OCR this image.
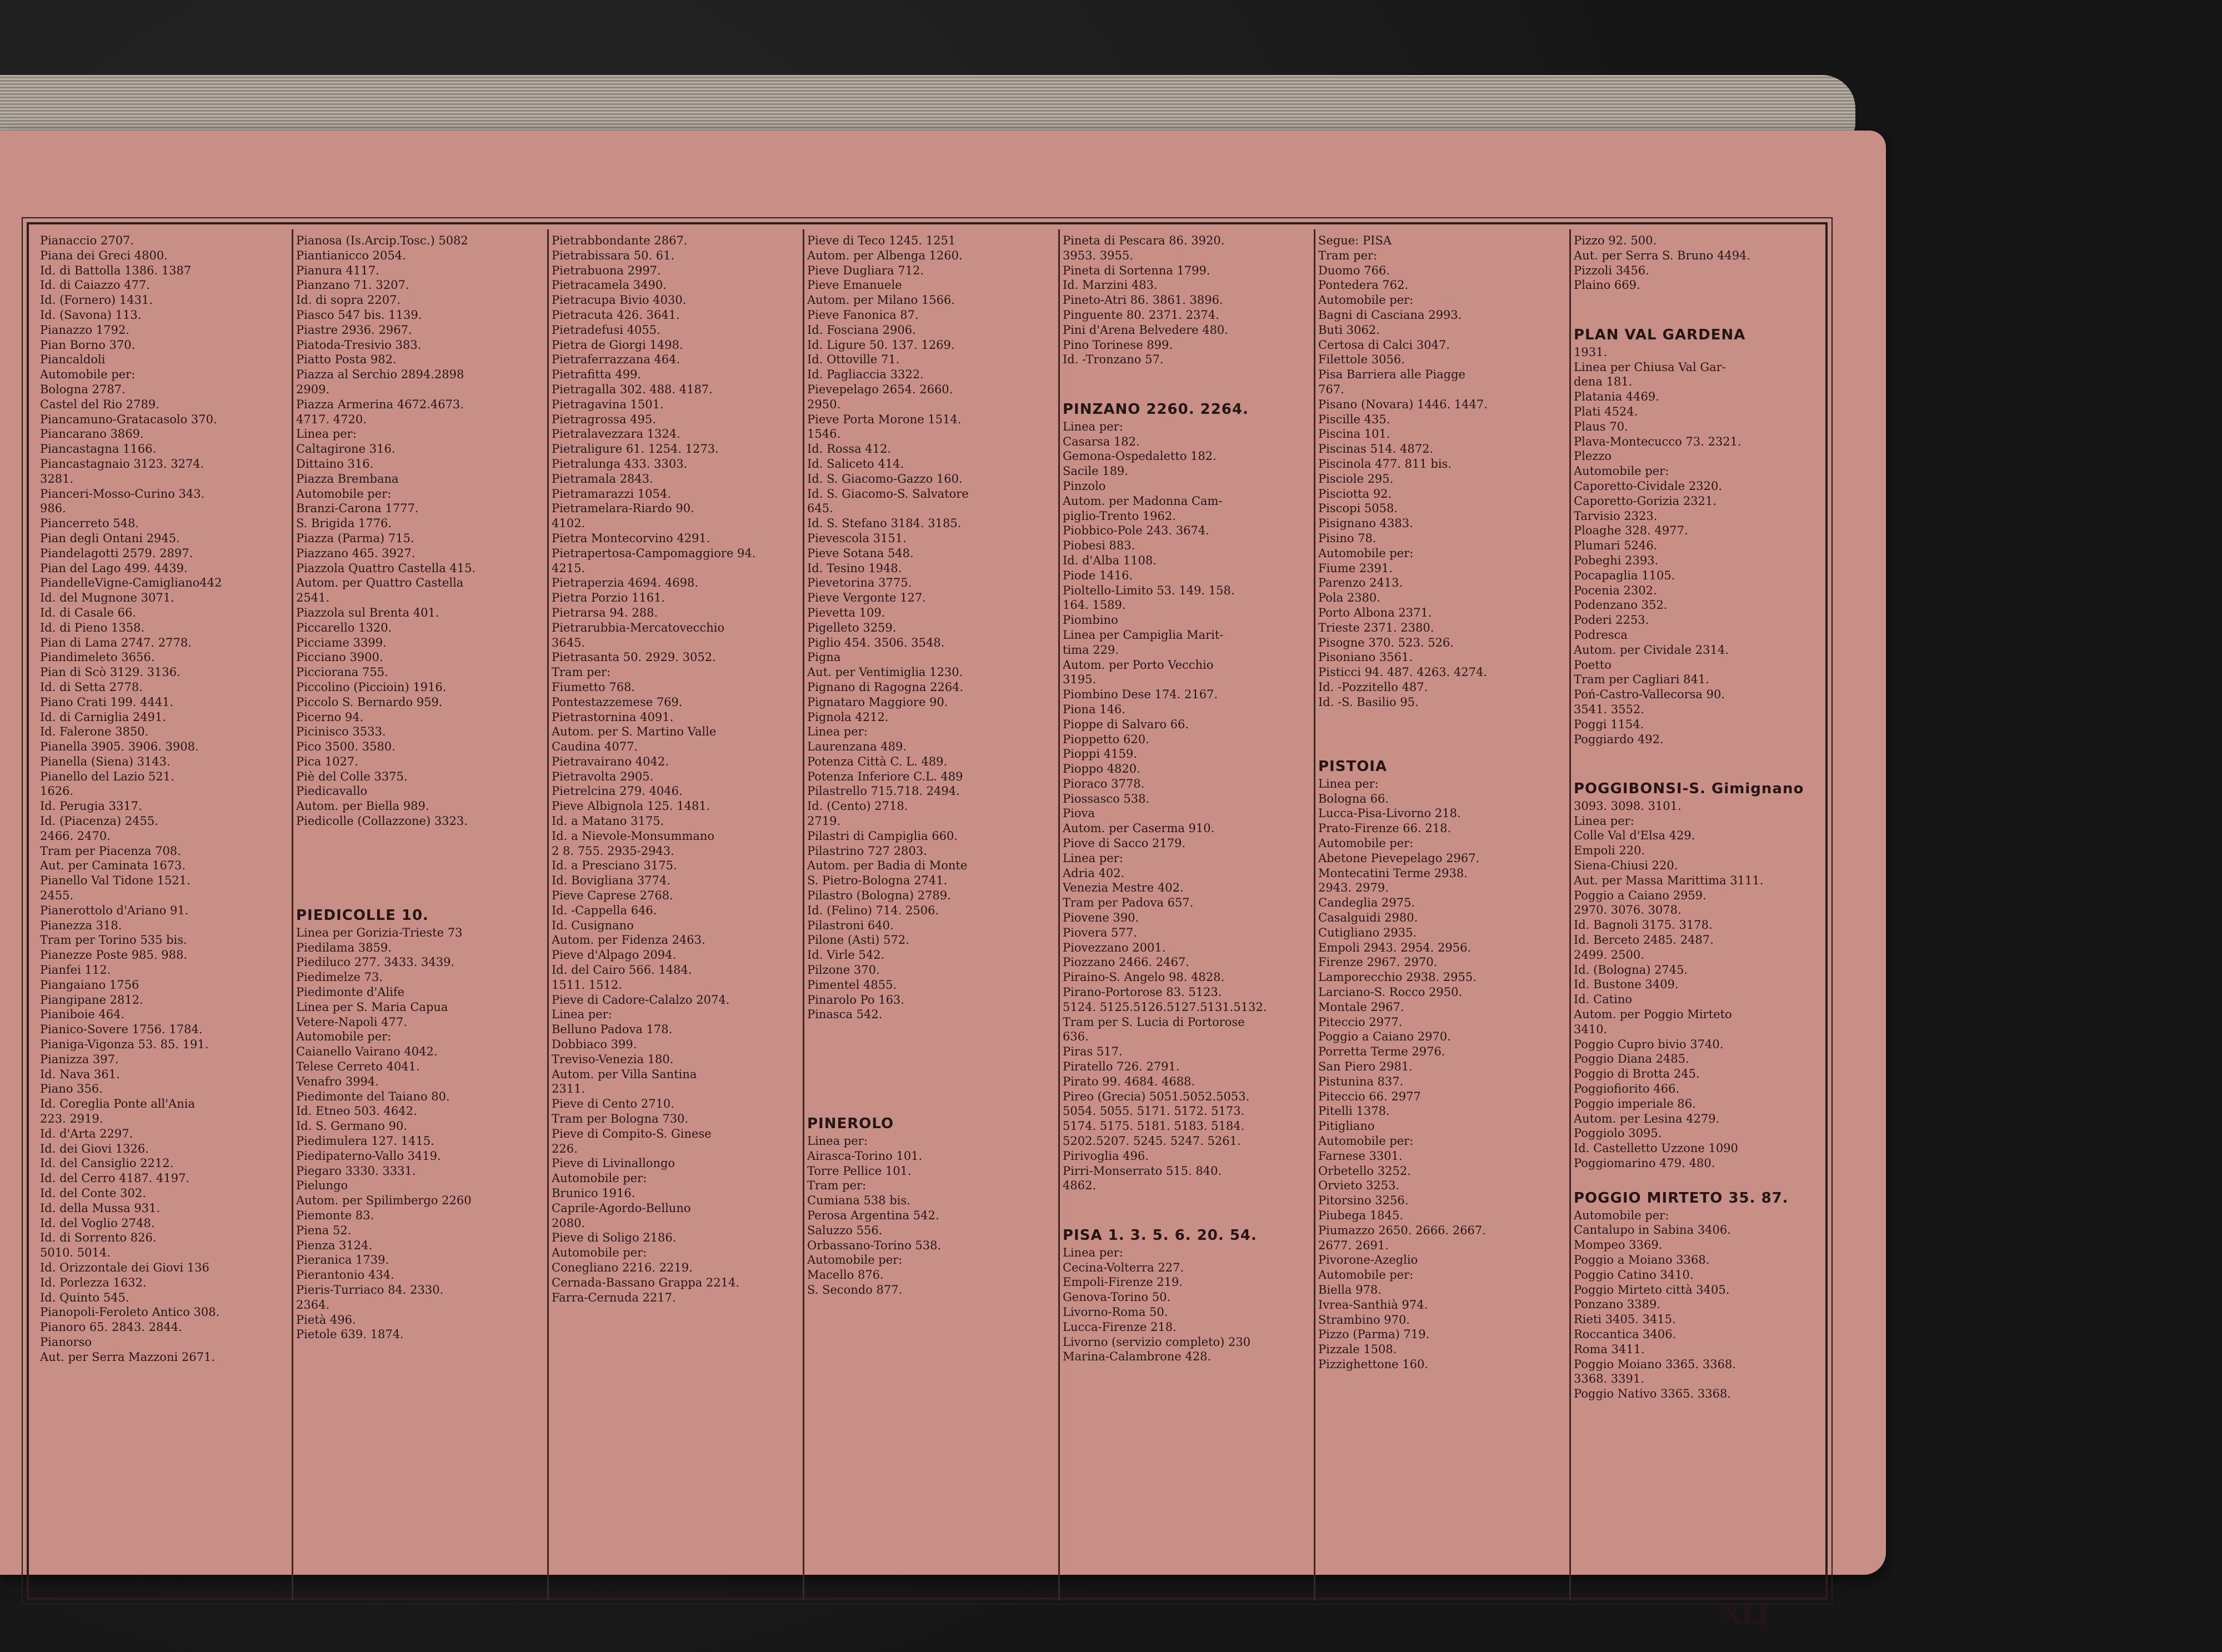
Pianaccio 2707.
Piana dei Greci 4800.
Id. di Battolla 1386. 1387
Id. di Caiazzo 477.
Id. (Fornero) 1431.
Id. (Savona) 113.
Pianazzo 1792.
Pian Borno 370.
Piancaldoli
Automobile per:
Bologna 2787.
Castel del Rio 2789.
Piancamuno-Gratacasolo 370.
Piancarano 3869.
Piancastagna 1166.
Piancastagnaio 3123. 3274.
3281.
Pianceri-Mosso-Curino 343.
986.
Piancerreto 548.
Pian degli Ontani 2945.
Piandelagotti 2579. 2897.
Pian del Lago 499. 4439.
PiandelleVigne-Camigliano442
Id. del Mugnone 3071.
Id. di Casale 66.
Id. di Pieno 1358.
Pian di Lama 2747. 2778.
Piandimeleto 3656.
Pian di Scò 3129. 3136.
Id. di Setta 2778.
Piano Crati 199. 4441.
Id. di Carniglia 2491.
Id. Falerone 3850.
Pianella 3905. 3906. 3908.
Pianella (Siena) 3143.
Pianello del Lazio 521.
1626.
Id. Perugia 3317.
Id. (Piacenza) 2455.
2466. 2470.
Tram per Piacenza 708.
Aut. per Caminata 1673.
Pianello Val Tidone 1521.
2455.
Pianerottolo d'Ariano 91.
Pianezza 318.
Tram per Torino 535 bis.
Pianezze Poste 985. 988.
Pianfei 112.
Piangaiano 1756
Piangipane 2812.
Pianiboie 464.
Pianico-Sovere 1756. 1784.
Pianiga-Vigonza 53. 85. 191.
Pianizza 397.
Id. Nava 361.
Piano 356.
Id. Coreglia Ponte all'Ania
223. 2919.
Id. d'Arta 2297.
Id. dei Giovi 1326.
Id. del Cansiglio 2212.
Id. del Cerro 4187. 4197.
Id. del Conte 302.
Id. della Mussa 931.
Id. del Voglio 2748.
Id. di Sorrento 826.
5010. 5014.
Id. Orizzontale dei Giovi 136
Id. Porlezza 1632.
Id. Quinto 545.
Pianopoli-Feroleto Antico 308.
Pianoro 65. 2843. 2844.
Pianorso
Aut. per Serra Mazzoni 2671.
Pianosa (Is.Arcip.Tosc.) 5082
Piantianicco 2054.
Pianura 4117.
Pianzano 71. 3207.
Id. di sopra 2207.
Piasco 547 bis. 1139.
Piastre 2936. 2967.
Piatoda-Tresivio 383.
Piatto Posta 982.
Piazza al Serchio 2894.2898
2909.
Piazza Armerina 4672.4673.
4717. 4720.
Linea per:
Caltagirone 316.
Dittaino 316.
Piazza Brembana
Automobile per:
Branzi-Carona 1777.
S. Brigida 1776.
Piazza (Parma) 715.
Piazzano 465. 3927.
Piazzola Quattro Castella 415.
Autom. per Quattro Castella
2541.
Piazzola sul Brenta 401.
Piccarello 1320.
Picciame 3399.
Picciano 3900.
Picciorana 755.
Piccolino (Piccioin) 1916.
Piccolo S. Bernardo 959.
Picerno 94.
Picinisco 3533.
Pico 3500. 3580.
Pica 1027.
Piè del Colle 3375.
Piedicavallo
Autom. per Biella 989.
Piedicolle (Collazzone) 3323.
PIEDICOLLE 10.
Linea per Gorizia-Trieste 73
Piedilama 3859.
Piediluco 277. 3433. 3439.
Piedimelze 73.
Piedimonte d'Alife
Linea per S. Maria Capua
Vetere-Napoli 477.
Automobile per:
Caianello Vairano 4042.
Telese Cerreto 4041.
Venafro 3994.
Piedimonte del Taiano 80.
Id. Etneo 503. 4642.
Id. S. Germano 90.
Piedimulera 127. 1415.
Piedipaterno-Vallo 3419.
Piegaro 3330. 3331.
Pielungo
Autom. per Spilimbergo 2260
Piemonte 83.
Piena 52.
Pienza 3124.
Pieranica 1739.
Pierantonio 434.
Pieris-Turriaco 84. 2330.
2364.
Pietà 496.
Pietole 639. 1874.
Pietrabbondante 2867.
Pietrabissara 50. 61.
Pietrabuona 2997.
Pietracamela 3490.
Pietracupa Bivio 4030.
Pietracuta 426. 3641.
Pietradefusi 4055.
Pietra de Giorgi 1498.
Pietraferrazzana 464.
Pietrafitta 499.
Pietragalla 302. 488. 4187.
Pietragavina 1501.
Pietragrossa 495.
Pietralavezzara 1324.
Pietraligure 61. 1254. 1273.
Pietralunga 433. 3303.
Pietramala 2843.
Pietramarazzi 1054.
Pietramelara-Riardo 90.
4102.
Pietra Montecorvino 4291.
Pietrapertosa-Campomaggiore 94.
4215.
Pietraperzia 4694. 4698.
Pietra Porzio 1161.
Pietrarsa 94. 288.
Pietrarubbia-Mercatovecchio
3645.
Pietrasanta 50. 2929. 3052.
Tram per:
Fiumetto 768.
Pontestazzemese 769.
Pietrastornina 4091.
Autom. per S. Martino Valle
Caudina 4077.
Pietravairano 4042.
Pietravolta 2905.
Pietrelcina 279. 4046.
Pieve Albignola 125. 1481.
Id. a Matano 3175.
Id. a Nievole-Monsummano
2 8. 755. 2935-2943.
Id. a Presciano 3175.
Id. Bovigliana 3774.
Pieve Caprese 2768.
Id. -Cappella 646.
Id. Cusignano
Autom. per Fidenza 2463.
Pieve d'Alpago 2094.
Id. del Cairo 566. 1484.
1511. 1512.
Pieve di Cadore-Calalzo 2074.
Linea per:
Belluno Padova 178.
Dobbiaco 399.
Treviso-Venezia 180.
Autom. per Villa Santina
2311.
Pieve di Cento 2710.
Tram per Bologna 730.
Pieve di Compito-S. Ginese
226.
Pieve di Livinallongo
Automobile per:
Brunico 1916.
Caprile-Agordo-Belluno
2080.
Pieve di Soligo 2186.
Automobile per:
Conegliano 2216. 2219.
Cernada-Bassano Grappa 2214.
Farra-Cernuda 2217.
Pieve di Teco 1245. 1251
Autom. per Albenga 1260.
Pieve Dugliara 712.
Pieve Emanuele
Autom. per Milano 1566.
Pieve Fanonica 87.
Id. Fosciana 2906.
Id. Ligure 50. 137. 1269.
Id. Ottoville 71.
Id. Pagliaccia 3322.
Pievepelago 2654. 2660.
2950.
Pieve Porta Morone 1514.
1546.
Id. Rossa 412.
Id. Saliceto 414.
Id. S. Giacomo-Gazzo 160.
Id. S. Giacomo-S. Salvatore
645.
Id. S. Stefano 3184. 3185.
Pievescola 3151.
Pieve Sotana 548.
Id. Tesino 1948.
Pievetorina 3775.
Pieve Vergonte 127.
Pievetta 109.
Pigelleto 3259.
Piglio 454. 3506. 3548.
Pigna
Aut. per Ventimiglia 1230.
Pignano di Ragogna 2264.
Pignataro Maggiore 90.
Pignola 4212.
Linea per:
Laurenzana 489.
Potenza Città C. L. 489.
Potenza Inferiore C.L. 489
Pilastrello 715.718. 2494.
Id. (Cento) 2718.
2719.
Pilastri di Campiglia 660.
Pilastrino 727 2803.
Autom. per Badia di Monte
S. Pietro-Bologna 2741.
Pilastro (Bologna) 2789.
Id. (Felino) 714. 2506.
Pilastroni 640.
Pilone (Asti) 572.
Id. Virle 542.
Pilzone 370.
Pimentel 4855.
Pinarolo Po 163.
Pinasca 542.
PINEROLO
Linea per:
Airasca-Torino 101.
Torre Pellice 101.
Tram per:
Cumiana 538 bis.
Perosa Argentina 542.
Saluzzo 556.
Orbassano-Torino 538.
Automobile per:
Macello 876.
S. Secondo 877.
Pineta di Pescara 86. 3920.
3953. 3955.
Pineta di Sortenna 1799.
Id. Marzini 483.
Pineto-Atri 86. 3861. 3896.
Pinguente 80. 2371. 2374.
Pini d'Arena Belvedere 480.
Pino Torinese 899.
Id. -Tronzano 57.
PINZANO 2260. 2264.
Linea per:
Casarsa 182.
Gemona-Ospedaletto 182.
Sacile 189.
Pinzolo
Autom. per Madonna Cam-
piglio-Trento 1962.
Piobbico-Pole 243. 3674.
Piobesi 883.
Id. d'Alba 1108.
Piode 1416.
Pioltello-Limito 53. 149. 158.
164. 1589.
Piombino
Linea per Campiglia Marit-
tima 229.
Autom. per Porto Vecchio
3195.
Piombino Dese 174. 2167.
Piona 146.
Pioppe di Salvaro 66.
Pioppetto 620.
Pioppi 4159.
Pioppo 4820.
Pioraco 3778.
Piossasco 538.
Piova
Autom. per Caserma 910.
Piove di Sacco 2179.
Linea per:
Adria 402.
Venezia Mestre 402.
Tram per Padova 657.
Piovene 390.
Piovera 577.
Piovezzano 2001.
Piozzano 2466. 2467.
Piraino-S. Angelo 98. 4828.
Pirano-Portorose 83. 5123.
5124. 5125.5126.5127.5131.5132.
Tram per S. Lucia di Portorose
636.
Piras 517.
Piratello 726. 2791.
Pirato 99. 4684. 4688.
Pireo (Grecia) 5051.5052.5053.
5054. 5055. 5171. 5172. 5173.
5174. 5175. 5181. 5183. 5184.
5202.5207. 5245. 5247. 5261.
Pirivoglia 496.
Pirri-Monserrato 515. 840.
4862.
PISA 1. 3. 5. 6. 20. 54.
Linea per:
Cecina-Volterra 227.
Empoli-Firenze 219.
Genova-Torino 50.
Livorno-Roma 50.
Lucca-Firenze 218.
Livorno (servizio completo) 230
Marina-Calambrone 428.
Segue: PISA
Tram per:
Duomo 766.
Pontedera 762.
Automobile per:
Bagni di Casciana 2993.
Buti 3062.
Certosa di Calci 3047.
Filettole 3056.
Pisa Barriera alle Piagge
767.
Pisano (Novara) 1446. 1447.
Piscille 435.
Piscina 101.
Piscinas 514. 4872.
Piscinola 477. 811 bis.
Pisciole 295.
Pisciotta 92.
Piscopi 5058.
Pisignano 4383.
Pisino 78.
Automobile per:
Fiume 2391.
Parenzo 2413.
Pola 2380.
Porto Albona 2371.
Trieste 2371. 2380.
Pisogne 370. 523. 526.
Pisoniano 3561.
Pisticci 94. 487. 4263. 4274.
Id. -Pozzitello 487.
Id. -S. Basilio 95.
PISTOIA
Linea per:
Bologna 66.
Lucca-Pisa-Livorno 218.
Prato-Firenze 66. 218.
Automobile per:
Abetone Pievepelago 2967.
Montecatini Terme 2938.
2943. 2979.
Candeglia 2975.
Casalguidi 2980.
Cutigliano 2935.
Empoli 2943. 2954. 2956.
Firenze 2967. 2970.
Lamporecchio 2938. 2955.
Larciano-S. Rocco 2950.
Montale 2967.
Piteccio 2977.
Poggio a Caiano 2970.
Porretta Terme 2976.
San Piero 2981.
Pistunina 837.
Piteccio 66. 2977
Pitelli 1378.
Pitigliano
Automobile per:
Farnese 3301.
Orbetello 3252.
Orvieto 3253.
Pitorsino 3256.
Piubega 1845.
Piumazzo 2650. 2666. 2667.
2677. 2691.
Pivorone-Azeglio
Automobile per:
Biella 978.
Ivrea-Santhià 974.
Strambino 970.
Pizzo (Parma) 719.
Pizzale 1508.
Pizzighettone 160.
Pizzo 92. 500.
Aut. per Serra S. Bruno 4494.
Pizzoli 3456.
Plaino 669.
PLAN VAL GARDENA
1931.
Linea per Chiusa Val Gar-
dena 181.
Platania 4469.
Plati 4524.
Plaus 70.
Plava-Montecucco 73. 2321.
Plezzo
Automobile per:
Caporetto-Cividale 2320.
Caporetto-Gorizia 2321.
Tarvisio 2323.
Ploaghe 328. 4977.
Plumari 5246.
Pobeghi 2393.
Pocapaglia 1105.
Pocenia 2302.
Podenzano 352.
Poderi 2253.
Podresca
Autom. per Cividale 2314.
Poetto
Tram per Cagliari 841.
Poń-Castro-Vallecorsa 90.
3541. 3552.
Poggi 1154.
Poggiardo 492.
POGGIBONSI-S. Gimignano
3093. 3098. 3101.
Linea per:
Colle Val d'Elsa 429.
Empoli 220.
Siena-Chiusi 220.
Aut. per Massa Marittima 3111.
Poggio a Caiano 2959.
2970. 3076. 3078.
Id. Bagnoli 3175. 3178.
Id. Berceto 2485. 2487.
2499. 2500.
Id. (Bologna) 2745.
Id. Bustone 3409.
Id. Catino
Autom. per Poggio Mirteto
3410.
Poggio Cupro bivio 3740.
Poggio Diana 2485.
Poggio di Brotta 245.
Poggiofiorito 466.
Poggio imperiale 86.
Autom. per Lesina 4279.
Poggiolo 3095.
Id. Castelletto Uzzone 1090
Poggiomarino 479. 480.
POGGIO MIRTETO 35. 87.
Automobile per:
Cantalupo in Sabina 3406.
Mompeo 3369.
Poggio a Moiano 3368.
Poggio Catino 3410.
Poggio Mirteto città 3405.
Ponzano 3389.
Rieti 3405. 3415.
Roccantica 3406.
Roma 3411.
Poggio Moiano 3365. 3368.
3368. 3391.
Poggio Nativo 3365. 3368.
XLI
